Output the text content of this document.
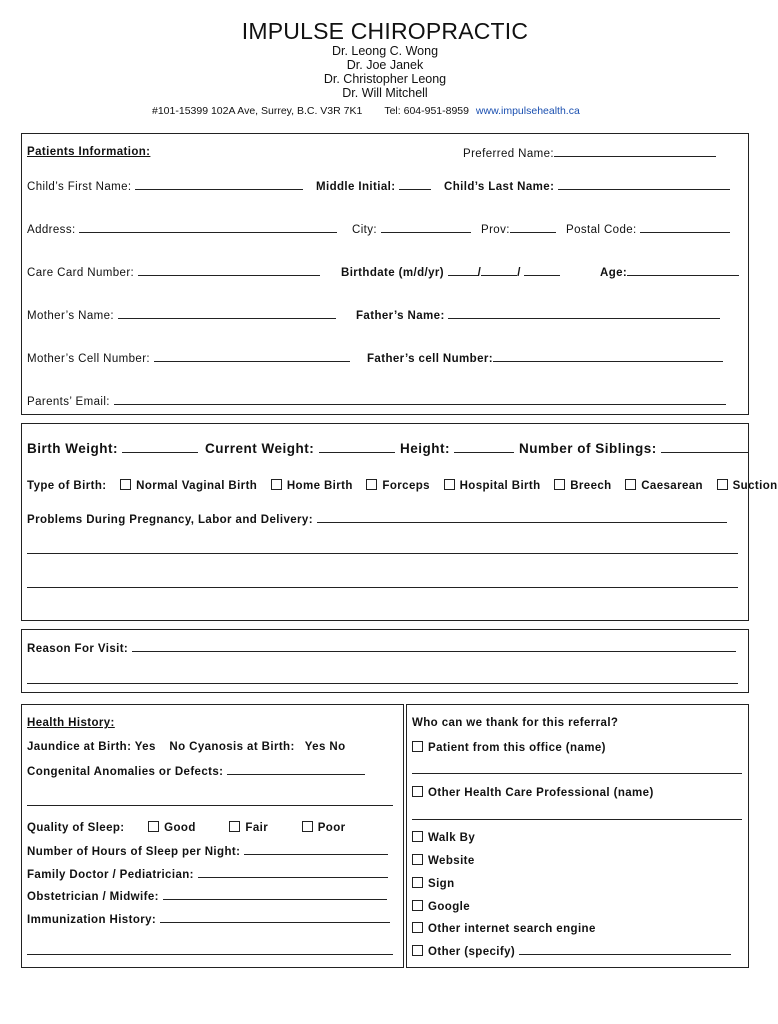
IMPULSE CHIROPRACTIC
Dr. Leong C. Wong
Dr. Joe Janek
Dr. Christopher Leong
Dr. Will Mitchell
#101-15399 102A Ave, Surrey, B.C. V3R 7K1 Tel: 604-951-8959 www.impulsehealth.ca
Patients Information:	Preferred Name:
Child’s First Name:	Middle Initial:	Child’s Last Name:
Address:	City:	Prov:	Postal Code:
Care Card Number:	Birthdate (m/d/yr)	/	/	Age:
Mother’s Name:	Father’s Name:
Mother’s Cell Number:	Father’s cell Number:
Parents’ Email:
Birth Weight:	Current Weight:	Height:	Number of Siblings:
Type of Birth:	Normal Vaginal Birth	Home Birth	Forceps	Hospital Birth	Breech	Caesarean	Suction
Problems During Pregnancy, Labor and Delivery:
Reason For Visit:
Health History:
Jaundice at Birth: Yes No Cyanosis at Birth: Yes No
Congenital Anomalies or Defects:
Quality of Sleep:	Good	Fair	Poor
Number of Hours of Sleep per Night:
Family Doctor / Pediatrician:
Obstetrician / Midwife:
Immunization History:
Who can we thank for this referral?
Patient from this office (name)
Other Health Care Professional (name)
Walk By
Website
Sign
Google
Other internet search engine
Other (specify)
